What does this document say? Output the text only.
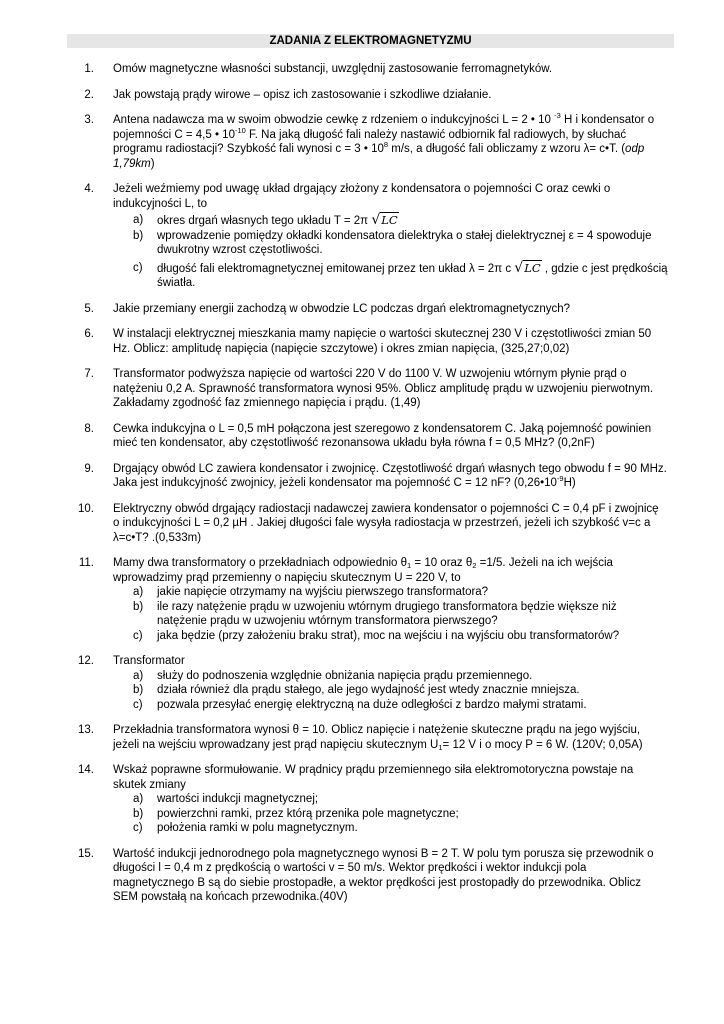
ZADANIA Z ELEKTROMAGNETYZMU
1. Omów magnetyczne własności substancji, uwzględnij zastosowanie ferromagnetyków.
2. Jak powstają prądy wirowe – opisz ich zastosowanie i szkodliwe działanie.
3. Antena nadawcza ma w swoim obwodzie cewkę z rdzeniem o indukcyjności L = 2 • 10 $^{-3}$ H i kondensator o pojemności C = 4,5 • $10^{-10}$ F. Na jaką długość fali należy nastawić odbiornik fal radiowych, by słuchać programu radiostacji? Szybkość fali wynosi c = 3 • $10^8$ m/s, a długość fali obliczamy z wzoru λ= c•T. (odp 1,79km)
4. Jeżeli weźmiemy pod uwagę układ drgający złożony z kondensatora o pojemności C oraz cewki o indukcyjności L, to
a) okres drgań własnych tego układu T = 2π √LC
b) wprowadzenie pomiędzy okładki kondensatora dielektryka o stałej dielektrycznej ε = 4 spowoduje dwukrotny wzrost częstotliwości.
c) długość fali elektromagnetycznej emitowanej przez ten układ λ = 2π c √LC , gdzie c jest prędkością światła.
5. Jakie przemiany energii zachodzą w obwodzie LC podczas drgań elektromagnetycznych?
6. W instalacji elektrycznej mieszkania mamy napięcie o wartości skutecznej 230 V i częstotliwości zmian 50 Hz. Oblicz: amplitudę napięcia (napięcie szczytowe) i okres zmian napięcia, (325,27;0,02)
7. Transformator podwyższa napięcie od wartości 220 V do 1100 V. W uzwojeniu wtórnym płynie prąd o natężeniu 0,2 A. Sprawność transformatora wynosi 95%. Oblicz amplitudę prądu w uzwojeniu pierwotnym. Zakładamy zgodność faz zmiennego napięcia i prądu. (1,49)
8. Cewka indukcyjna o L = 0,5 mH połączona jest szeregowo z kondensatorem C. Jaką pojemność powinien mieć ten kondensator, aby częstotliwość rezonansowa układu była równa f = 0,5 MHz? (0,2nF)
9. Drgający obwód LC zawiera kondensator i zwojnicę. Częstotliwość drgań własnych tego obwodu f = 90 MHz. Jaka jest indukcyjność zwojnicy, jeżeli kondensator ma pojemność C = 12 nF? $(0,26•10^{-9}H)$
10. Elektryczny obwód drgający radiostacji nadawczej zawiera kondensator o pojemności C = 0,4 pF i zwojnicę o indukcyjności L = 0,2 µH . Jakiej długości fale wysyła radiostacja w przestrzeń, jeżeli ich szybkość v=c a λ=c•T? .(0,533m)
11. Mamy dwa transformatory o przekładniach odpowiednio $\theta_1 = 10$ oraz $\theta_2 =1/5$. Jeżeli na ich wejścia wprowadzimy prąd przemienny o napięciu skutecznym U = 220 V, to
a) jakie napięcie otrzymamy na wyjściu pierwszego transformatora?
b) ile razy natężenie prądu w uzwojeniu wtórnym drugiego transformatora będzie większe niż natężenie prądu w uzwojeniu wtórnym transformatora pierwszego?
c) jaka będzie (przy założeniu braku strat), moc na wejściu i na wyjściu obu transformatorów?
12. Transformator
a) służy do podnoszenia względnie obniżania napięcia prądu przemiennego.
b) działa również dla prądu stałego, ale jego wydajność jest wtedy znacznie mniejsza.
c) pozwala przesyłać energię elektryczną na duże odległości z bardzo małymi stratami.
13. Przekładnia transformatora wynosi θ = 10. Oblicz napięcie i natężenie skuteczne prądu na jego wyjściu, jeżeli na wejściu wprowadzany jest prąd napięciu skutecznym $U_1= 12$ V i o mocy P = 6 W. (120V; 0,05A)
14. Wskaż poprawne sformułowanie. W prądnicy prądu przemiennego siła elektromotoryczna powstaje na skutek zmiany
a) wartości indukcji magnetycznej;
b) powierzchni ramki, przez którą przenika pole magnetyczne;
c) położenia ramki w polu magnetycznym.
15. Wartość indukcji jednorodnego pola magnetycznego wynosi B = 2 T. W polu tym porusza się przewodnik o długości l = 0,4 m z prędkością o wartości v = 50 m/s. Wektor prędkości i wektor indukcji pola magnetycznego B są do siebie prostopadłe, a wektor prędkości jest prostopadły do przewodnika. Oblicz SEM powstałą na końcach przewodnika.(40V)
